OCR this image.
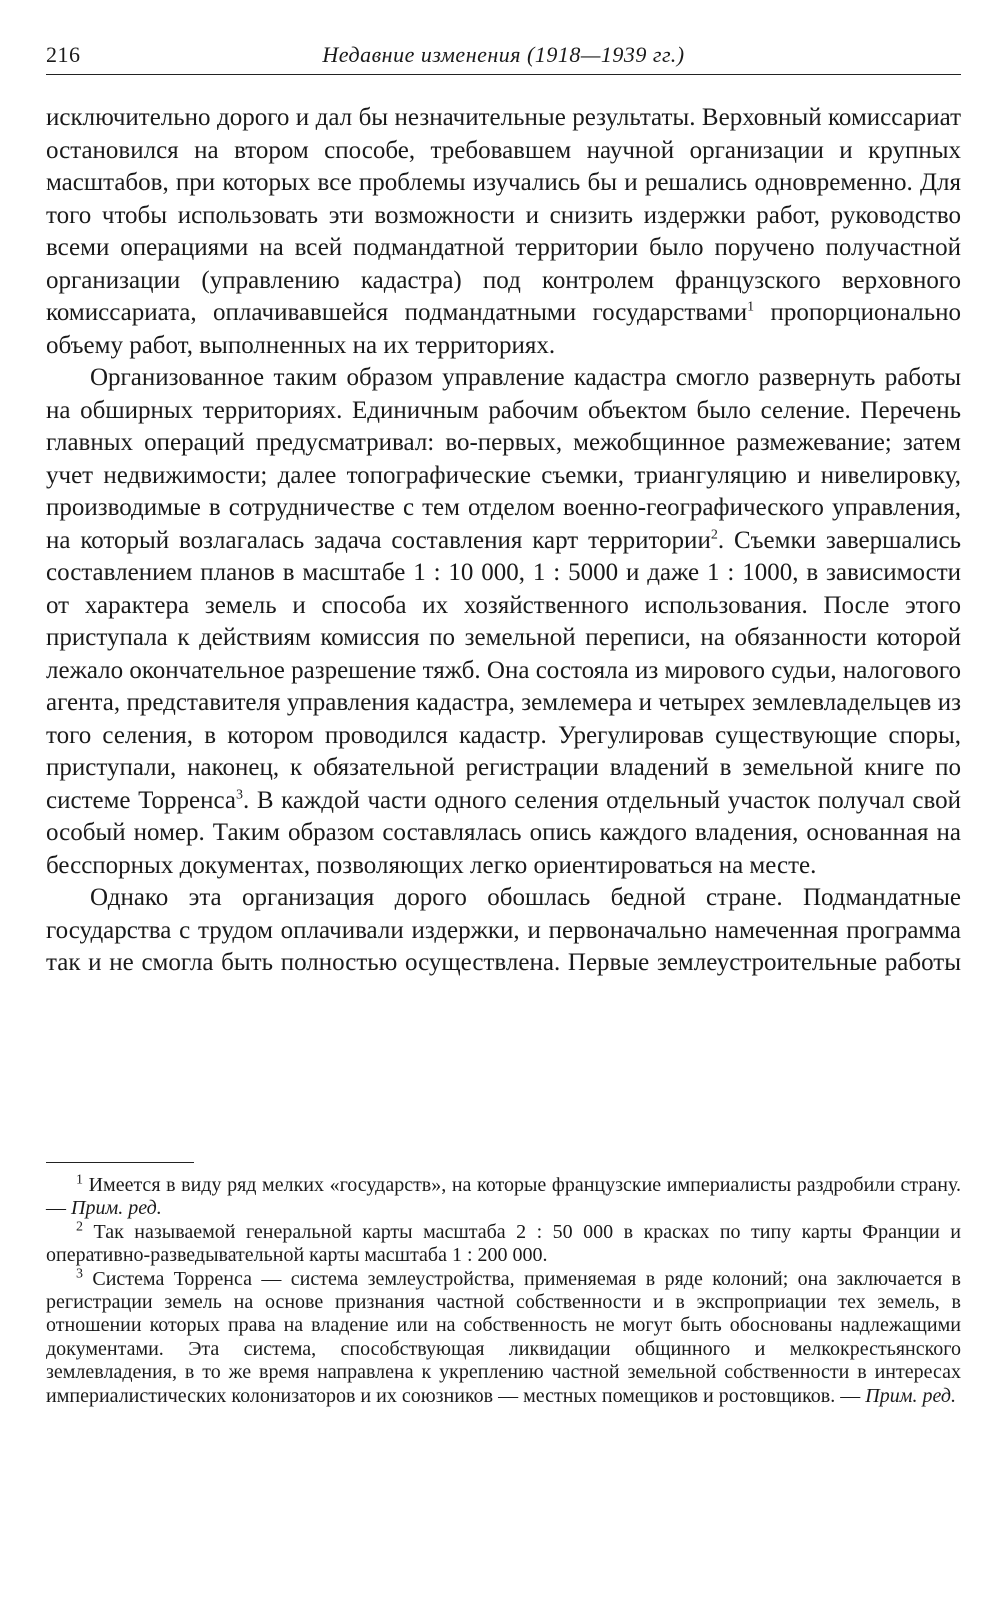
216	Недавние изменения (1918—1939 гг.)

исключительно дорого и дал бы незначительные результаты. Верховный комиссариат остановился на втором способе, требовавшем научной организации и крупных масштабов, при которых все проблемы изучались бы и решались одновременно. Для того чтобы использовать эти возможности и снизить издержки работ, руководство всеми операциями на всей подмандатной территории было поручено получастной организации (управлению кадастра) под контролем французского верховного комиссариата, оплачивавшейся подмандатными государствами$^1$ пропорционально объему работ, выполненных на их территориях.

Организованное таким образом управление кадастра смогло развернуть работы на обширных территориях. Единичным рабочим объектом было селение. Перечень главных операций предусматривал: во-первых, межобщинное размежевание; затем учет недвижимости; далее топографические съемки, триангуляцию и нивелировку, производимые в сотрудничестве с тем отделом военно-географического управления, на который возлагалась задача составления карт территории$^2$. Съемки завершались составлением планов в масштабе 1 : 10 000, 1 : 5000 и даже 1 : 1000, в зависимости от характера земель и способа их хозяйственного использования. После этого приступала к действиям комиссия по земельной переписи, на обязанности которой лежало окончательное разрешение тяжб. Она состояла из мирового судьи, налогового агента, представителя управления кадастра, землемера и четырех землевладельцев из того селения, в котором проводился кадастр. Урегулировав существующие споры, приступали, наконец, к обязательной регистрации владений в земельной книге по системе Торренса$^3$. В каждой части одного селения отдельный участок получал свой особый номер. Таким образом составлялась опись каждого владения, основанная на бесспорных документах, позволяющих легко ориентироваться на месте.

Однако эта организация дорого обошлась бедной стране. Подмандатные государства с трудом оплачивали издержки, и первоначально намеченная программа так и не смогла быть полностью осуществлена. Первые землеустроительные работы

$^1$ Имеется в виду ряд мелких «государств», на которые французские империалисты раздробили страну. — Прим. ред.

$^2$ Так называемой генеральной карты масштаба 2 : 50 000 в красках по типу карты Франции и оперативно-разведывательной карты масштаба 1 : 200 000.

$^3$ Система Торренса — система землеустройства, применяемая в ряде колоний; она заключается в регистрации земель на основе признания частной собственности и в экспроприации тех земель, в отношении которых права на владение или на собственность не могут быть обоснованы надлежащими документами. Эта система, способствующая ликвидации общинного и мелкокрестьянского землевладения, в то же время направлена к укреплению частной земельной собственности в интересах империалистических колонизаторов и их союзников — местных помещиков и ростовщиков. — Прим. ред.
